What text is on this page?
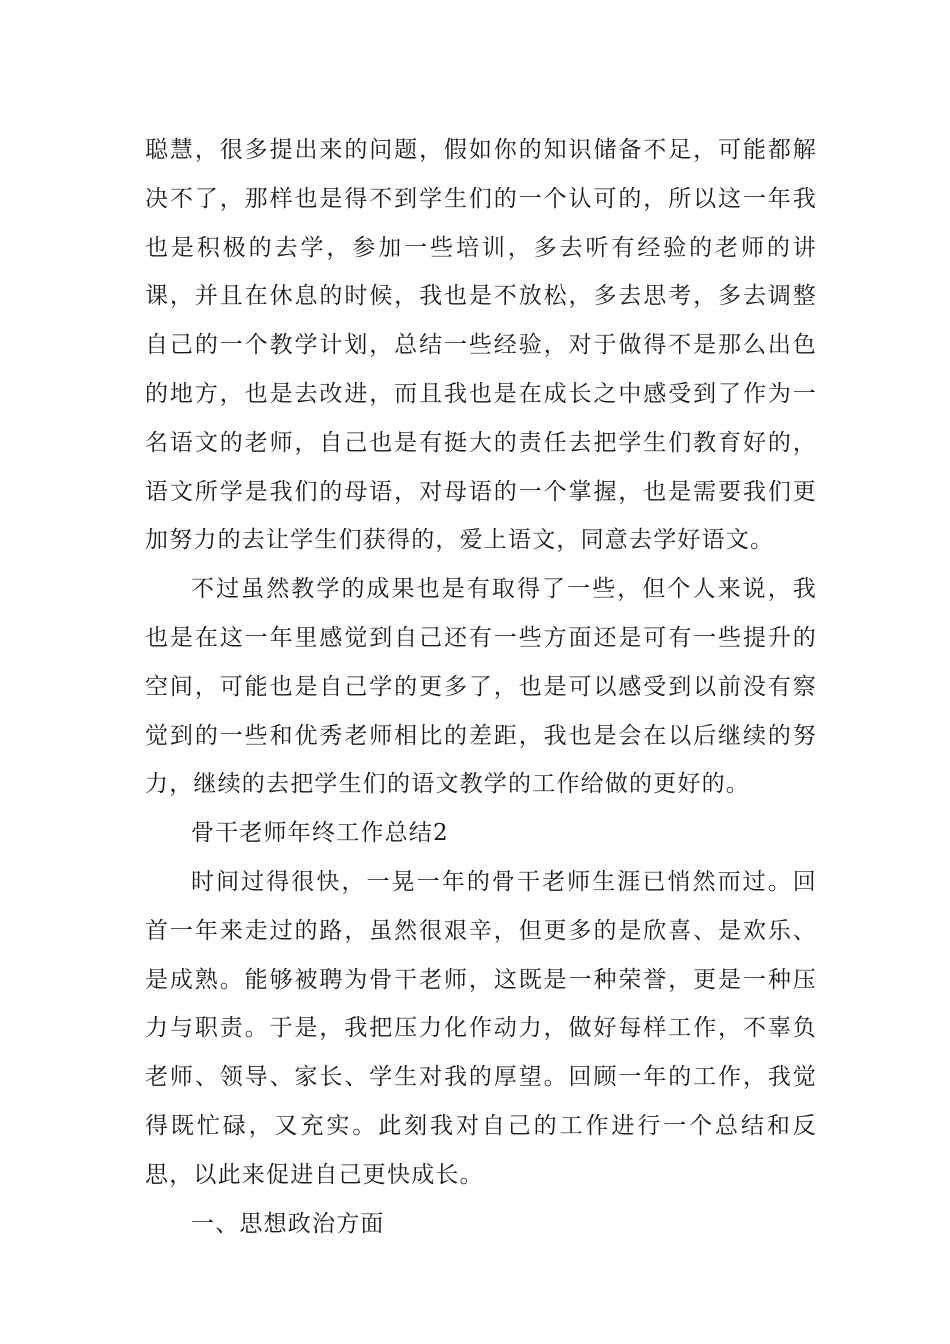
聪慧，很多提出来的问题，假如你的知识储备不足，可能都解决不了，那样也是得不到学生们的一个认可的，所以这一年我也是积极的去学，参加一些培训，多去听有经验的老师的讲课，并且在休息的时候，我也是不放松，多去思考，多去调整自己的一个教学计划，总结一些经验，对于做得不是那么出色的地方，也是去改进，而且我也是在成长之中感受到了作为一名语文的老师，自己也是有挺大的责任去把学生们教育好的，语文所学是我们的母语，对母语的一个掌握，也是需要我们更加努力的去让学生们获得的，爱上语文，同意去学好语文。

不过虽然教学的成果也是有取得了一些，但个人来说，我也是在这一年里感觉到自己还有一些方面还是可有一些提升的空间，可能也是自己学的更多了，也是可以感受到以前没有察觉到的一些和优秀老师相比的差距，我也是会在以后继续的努力，继续的去把学生们的语文教学的工作给做的更好的。

骨干老师年终工作总结2

时间过得很快，一晃一年的骨干老师生涯已悄然而过。回首一年来走过的路，虽然很艰辛，但更多的是欣喜、是欢乐、是成熟。能够被聘为骨干老师，这既是一种荣誉，更是一种压力与职责。于是，我把压力化作动力，做好每样工作，不辜负老师、领导、家长、学生对我的厚望。回顾一年的工作，我觉得既忙碌，又充实。此刻我对自己的工作进行一个总结和反思，以此来促进自己更快成长。

一、思想政治方面
